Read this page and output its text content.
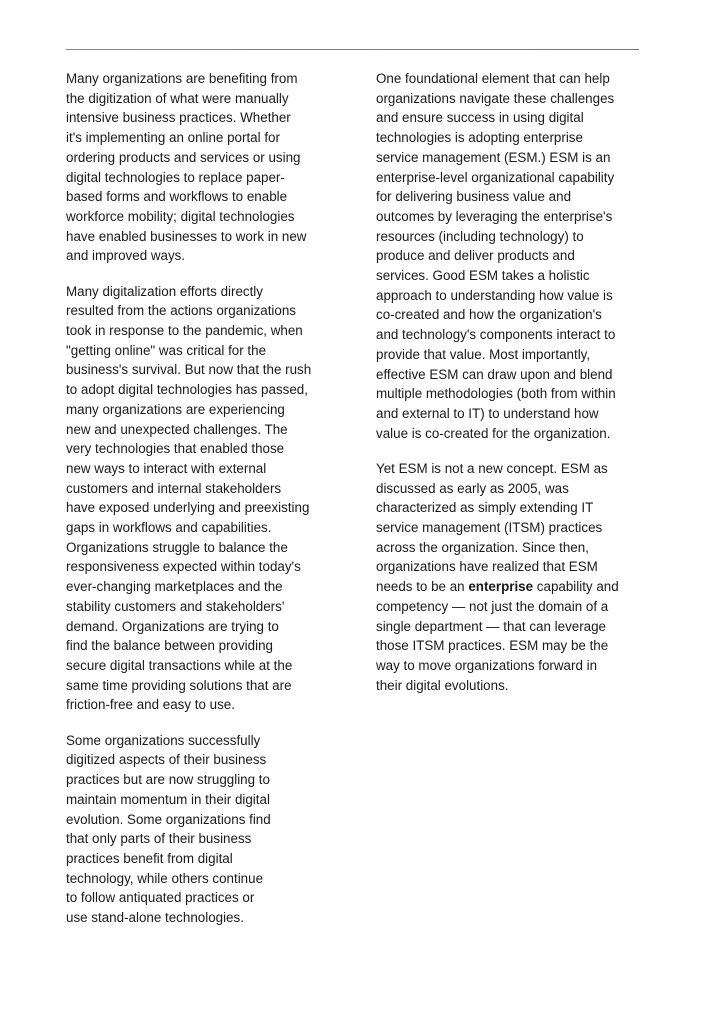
Many organizations are benefiting from
the digitization of what were manually
intensive business practices. Whether
it's implementing an online portal for
ordering products and services or using
digital technologies to replace paper-
based forms and workflows to enable
workforce mobility; digital technologies
have enabled businesses to work in new
and improved ways.

Many digitalization efforts directly
resulted from the actions organizations
took in response to the pandemic, when
"getting online" was critical for the
business's survival. But now that the rush
to adopt digital technologies has passed,
many organizations are experiencing
new and unexpected challenges. The
very technologies that enabled those
new ways to interact with external
customers and internal stakeholders
have exposed underlying and preexisting
gaps in workflows and capabilities.
Organizations struggle to balance the
responsiveness expected within today's
ever-changing marketplaces and the
stability customers and stakeholders'
demand. Organizations are trying to
find the balance between providing
secure digital transactions while at the
same time providing solutions that are
friction-free and easy to use.

Some organizations successfully
digitized aspects of their business
practices but are now struggling to
maintain momentum in their digital
evolution. Some organizations find
that only parts of their business
practices benefit from digital
technology, while others continue
to follow antiquated practices or
use stand-alone technologies.

One foundational element that can help
organizations navigate these challenges
and ensure success in using digital
technologies is adopting enterprise
service management (ESM.) ESM is an
enterprise-level organizational capability
for delivering business value and
outcomes by leveraging the enterprise's
resources (including technology) to
produce and deliver products and
services. Good ESM takes a holistic
approach to understanding how value is
co-created and how the organization's
and technology's components interact to
provide that value. Most importantly,
effective ESM can draw upon and blend
multiple methodologies (both from within
and external to IT) to understand how
value is co-created for the organization.

Yet ESM is not a new concept. ESM as
discussed as early as 2005, was
characterized as simply extending IT
service management (ITSM) practices
across the organization. Since then,
organizations have realized that ESM
needs to be an enterprise capability and
competency — not just the domain of a
single department — that can leverage
those ITSM practices. ESM may be the
way to move organizations forward in
their digital evolutions.
